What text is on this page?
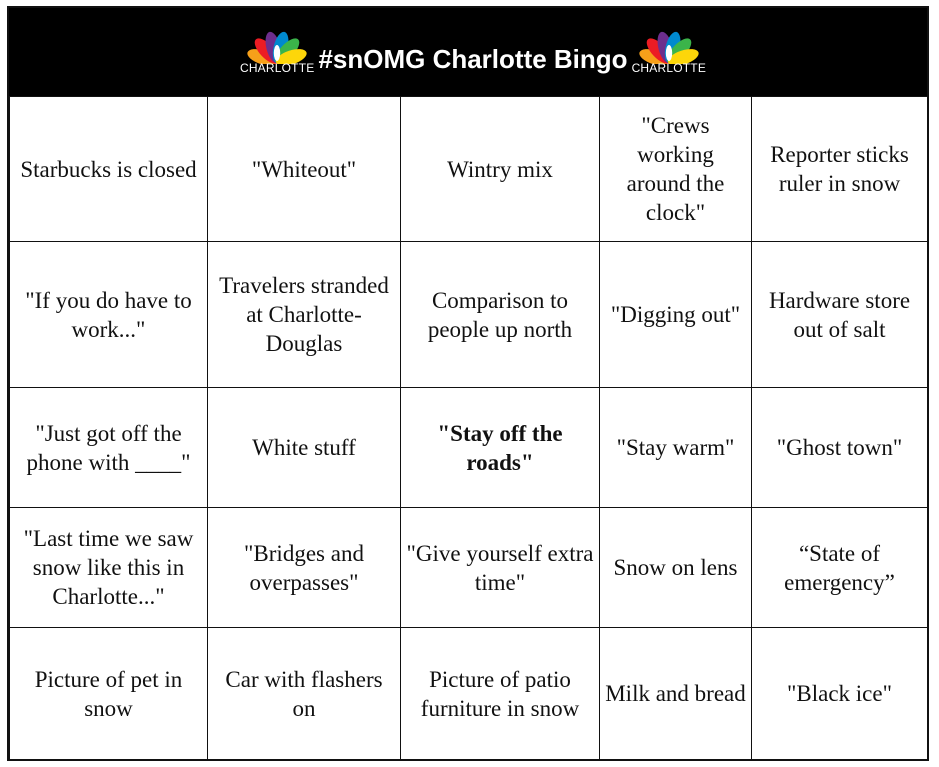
CHARLOTTE #snOMG Charlotte Bingo CHARLOTTE
Starbucks is closed	"Whiteout"	Wintry mix	"Crews working around the clock"	Reporter sticks ruler in snow
"If you do have to work..."	Travelers stranded at Charlotte-Douglas	Comparison to people up north	"Digging out"	Hardware store out of salt
"Just got off the phone with ____"	White stuff	"Stay off the roads"	"Stay warm"	"Ghost town"
"Last time we saw snow like this in Charlotte..."	"Bridges and overpasses"	"Give yourself extra time"	Snow on lens	“State of emergency”
Picture of pet in snow	Car with flashers on	Picture of patio furniture in snow	Milk and bread	"Black ice"
